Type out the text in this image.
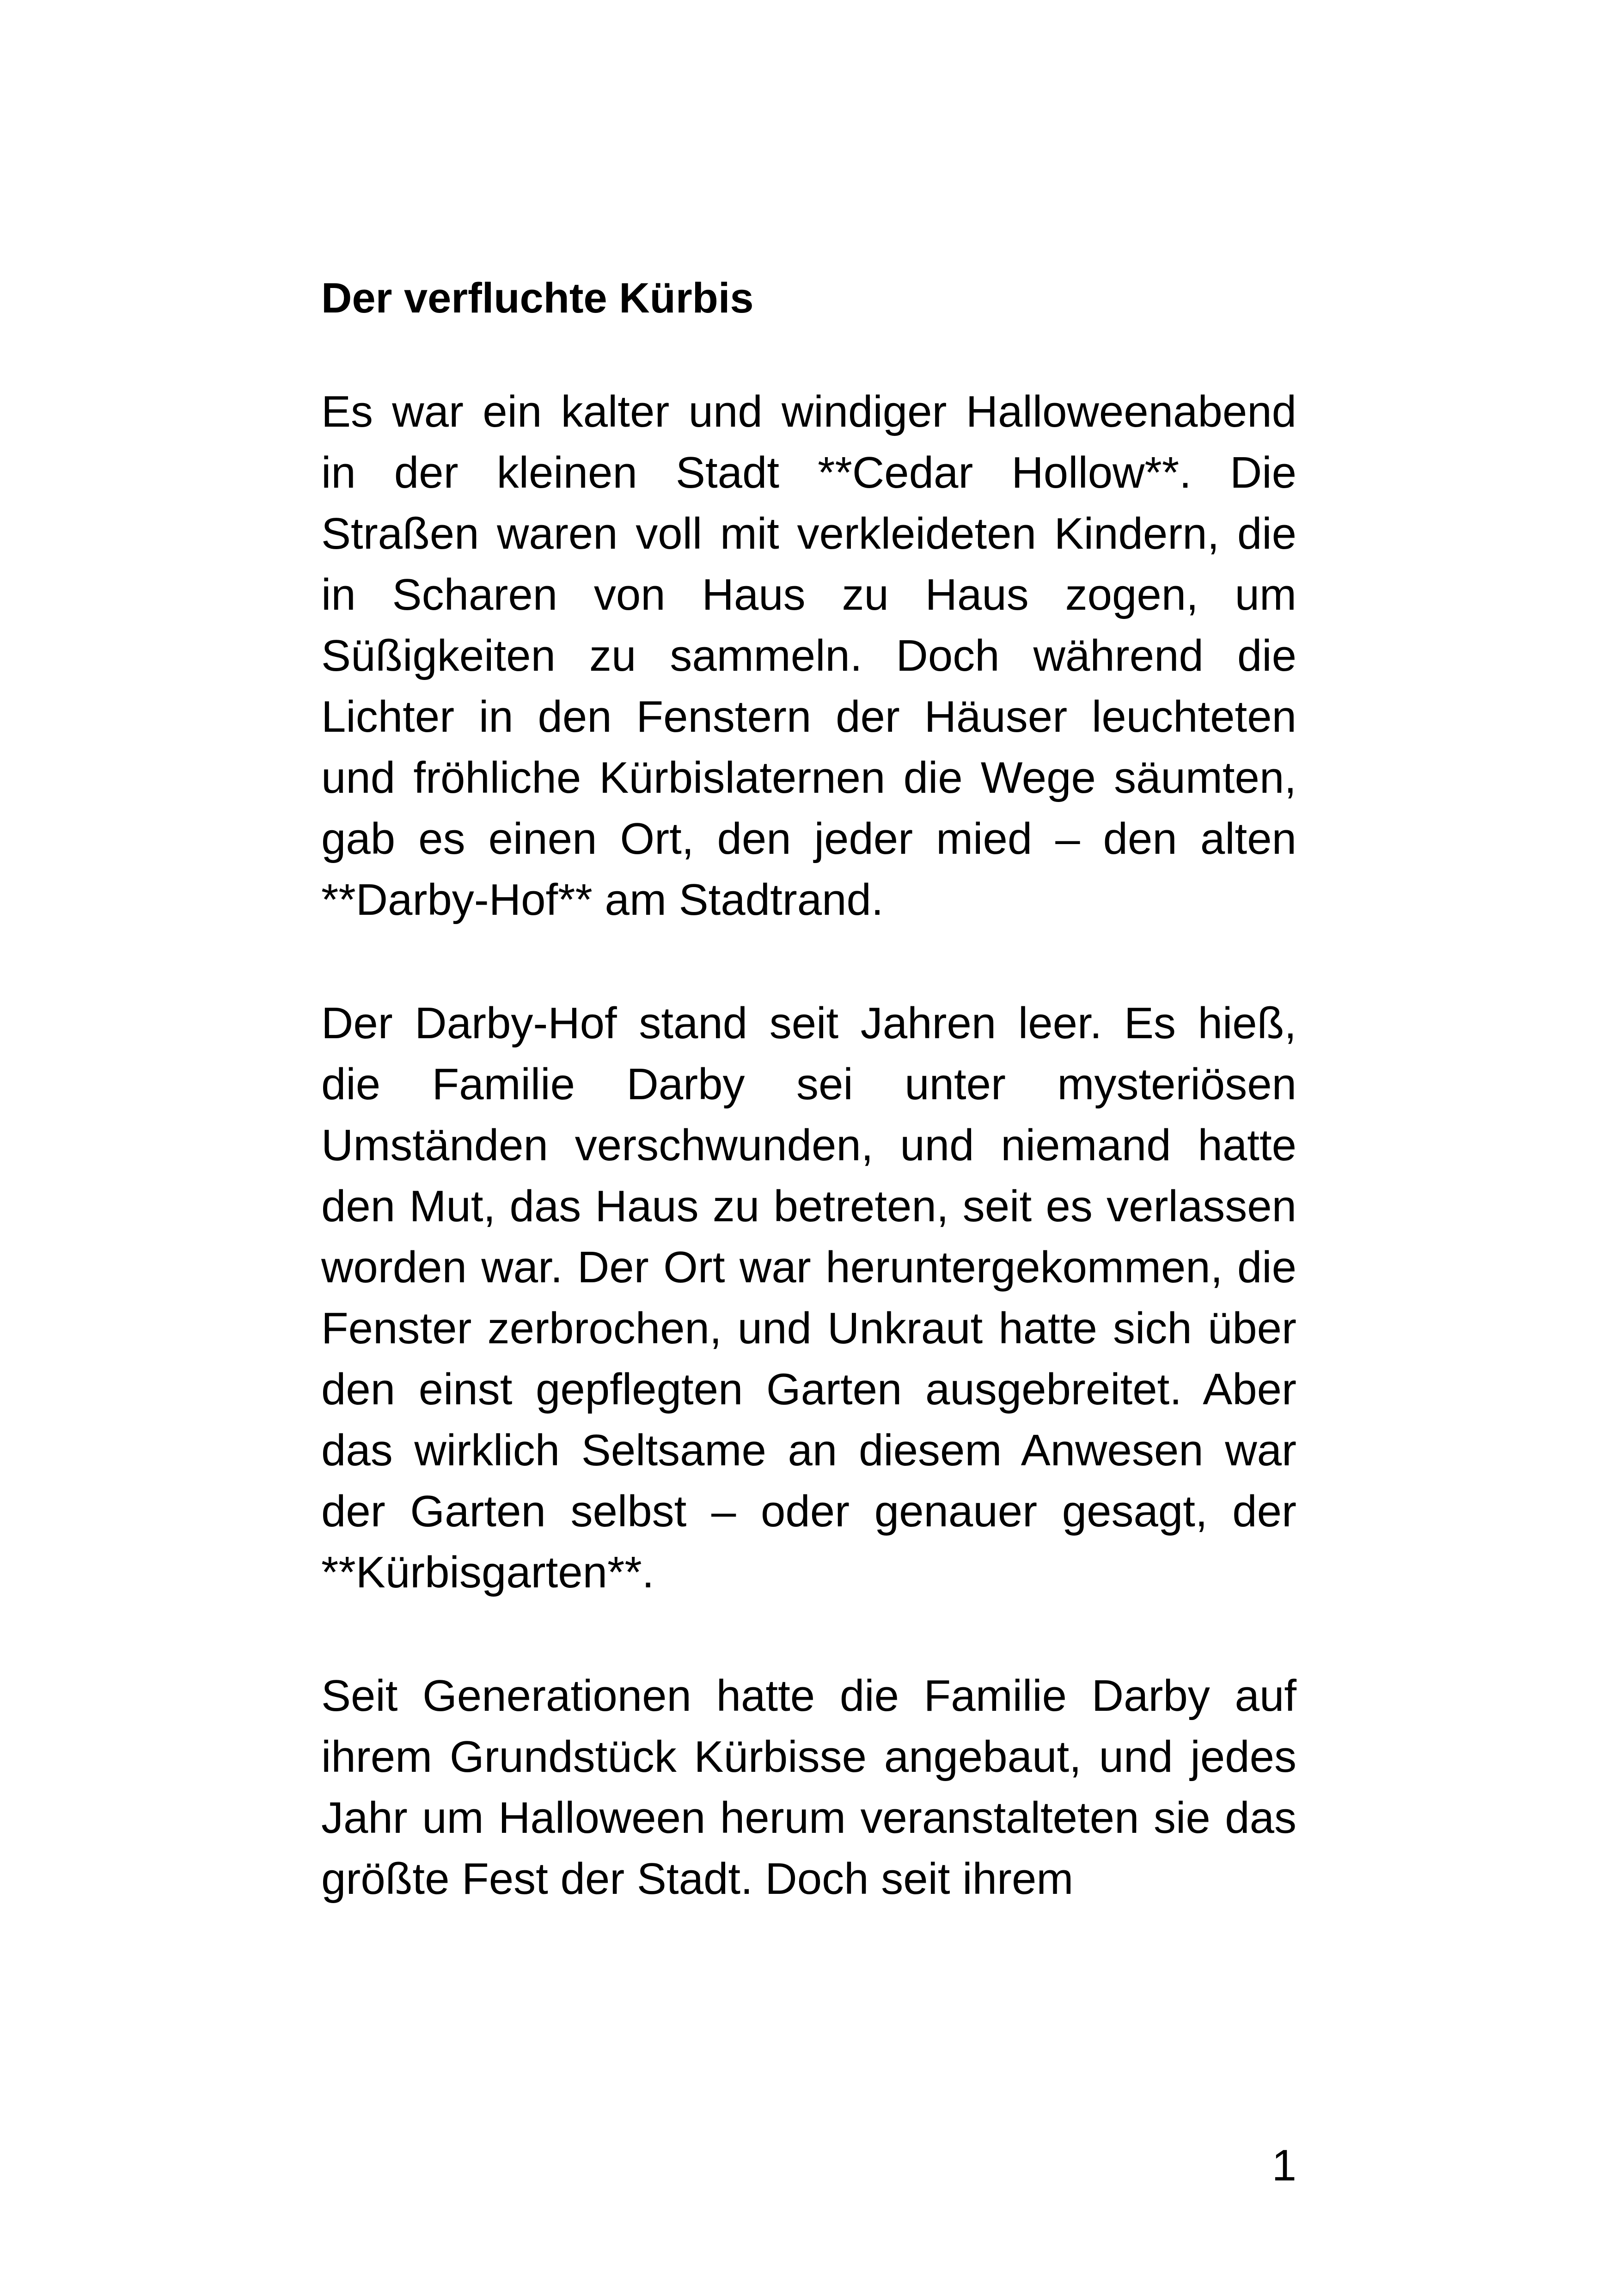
Der verfluchte Kürbis

Es war ein kalter und windiger Halloweenabend in der kleinen Stadt **Cedar Hollow**. Die Straßen waren voll mit verkleideten Kindern, die in Scharen von Haus zu Haus zogen, um Süßigkeiten zu sammeln. Doch während die Lichter in den Fenstern der Häuser leuchteten und fröhliche Kürbislaternen die Wege säumten, gab es einen Ort, den jeder mied – den alten **Darby-Hof** am Stadtrand.

Der Darby-Hof stand seit Jahren leer. Es hieß, die Familie Darby sei unter mysteriösen Umständen verschwunden, und niemand hatte den Mut, das Haus zu betreten, seit es verlassen worden war. Der Ort war heruntergekommen, die Fenster zerbrochen, und Unkraut hatte sich über den einst gepflegten Garten ausgebreitet. Aber das wirklich Seltsame an diesem Anwesen war der Garten selbst – oder genauer gesagt, der **Kürbisgarten**.

Seit Generationen hatte die Familie Darby auf ihrem Grundstück Kürbisse angebaut, und jedes Jahr um Halloween herum veranstalteten sie das größte Fest der Stadt. Doch seit ihrem

1
